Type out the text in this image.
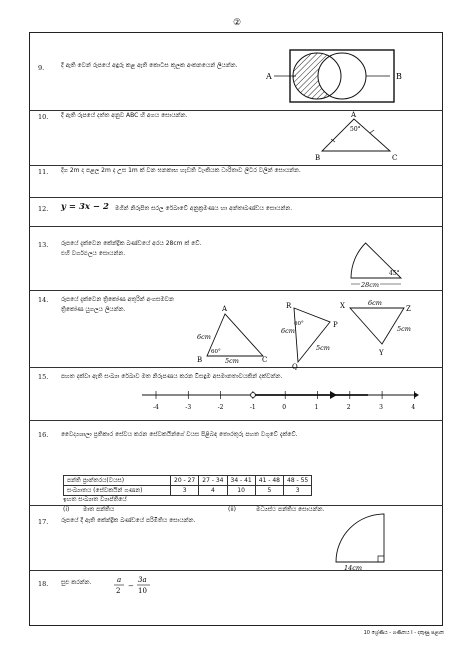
②
9.	දී ඇති වෙන් රූපයේ අඳුරු කළ ඇති කොටස කුලක අංකනයෙන් ලියන්න.
A	B
10. දී ඇති රූපයේ දත්ත අනුව ABC හි අගය සොයන්න.	A
B	C
50°
11. දිග 2m ද පළල 2m ද උස 1m ක් වන ඝනකාභ හැඩති ටැංකියක ධාරිතාව ලීටර වලින් සොයන්න.
12. y = 3x − 2 මගින් නිරූපිත සරල රේඛාවේ අනුක්‍රමණය හා අන්තඃඛණ්ඩය සොයන්න.
13. රූපයේ දැක්වෙන කේන්ද්‍රික ඛණ්ඩයේ අරය 28cm ක් වේ.
එහි වර්ගඵලය සොයන්න.
45°
28cm
14. රූපයේ දැක්වෙන ත්‍රිකෝණ අතුරින් අංගසමවන
ත්‍රිකෝණ යුගලය ලියන්න.	A
B	C
6cm
60°
5cm
R
P
Q
6cm
60°
5cm
X	Z
Y
6cm
5cm
15. පහත දක්වා ඇති සංඛ්‍යා රේඛාව මත නිරූපණය කරන විසඳුම අසමානතාවයකින් දක්වන්න.
-4	-3	-2	-1	0	1	2	3	4
16. වෛද්‍යශාලා ප්‍රතිකාර සේවය කරන සේවකයින්ගේ වයස පිළිබඳ තොරතුරු පහත වගුවේ දැක්වේ.
පන්ති ප්‍රාන්තරය(වයස)	20 - 27	27 - 34	34 - 41	41 - 48	48 - 55
සංඛ්‍යාතය (සේවකයින් ගණන)	3	4	10	5	3
ඉහත සංඛ්‍යාත ව්‍යාප්තියේ
(i) මාත පන්තිය	(ii)	මධ්‍යස්ථ පන්තිය සොයන්න.
17. රූපයේ දී ඇති කේන්ද්‍රික ඛණ්ඩයේ පරිමිතිය සොයන්න.
14cm
18. සුළු කරන්න.	a
2
−
3a
10
10 ශ්‍රේණිය - ගණිතය I - දකුණු පළාත
